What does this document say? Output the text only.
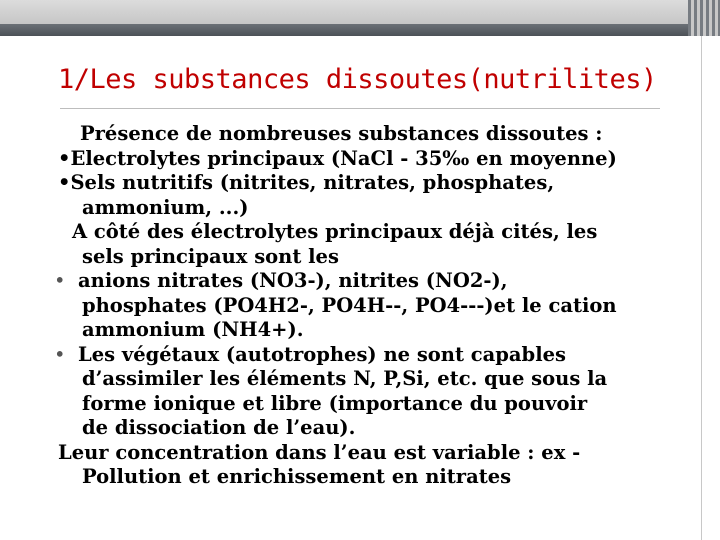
1/Les substances dissoutes(nutrilites)
Présence de nombreuses substances dissoutes :
•Electrolytes principaux (NaCl - 35‰ en moyenne)
•Sels nutritifs (nitrites, nitrates, phosphates,
ammonium, ...)
A côté des électrolytes principaux déjà cités, les
sels principaux sont les
• anions nitrates (NO3-), nitrites (NO2-),
phosphates (PO4H2-, PO4H--, PO4---)et le cation
ammonium (NH4+).
• Les végétaux (autotrophes) ne sont capables
d’assimiler les éléments N, P,Si, etc. que sous la
forme ionique et libre (importance du pouvoir
de dissociation de l’eau).
Leur concentration dans l’eau est variable : ex -
Pollution et enrichissement en nitrates
